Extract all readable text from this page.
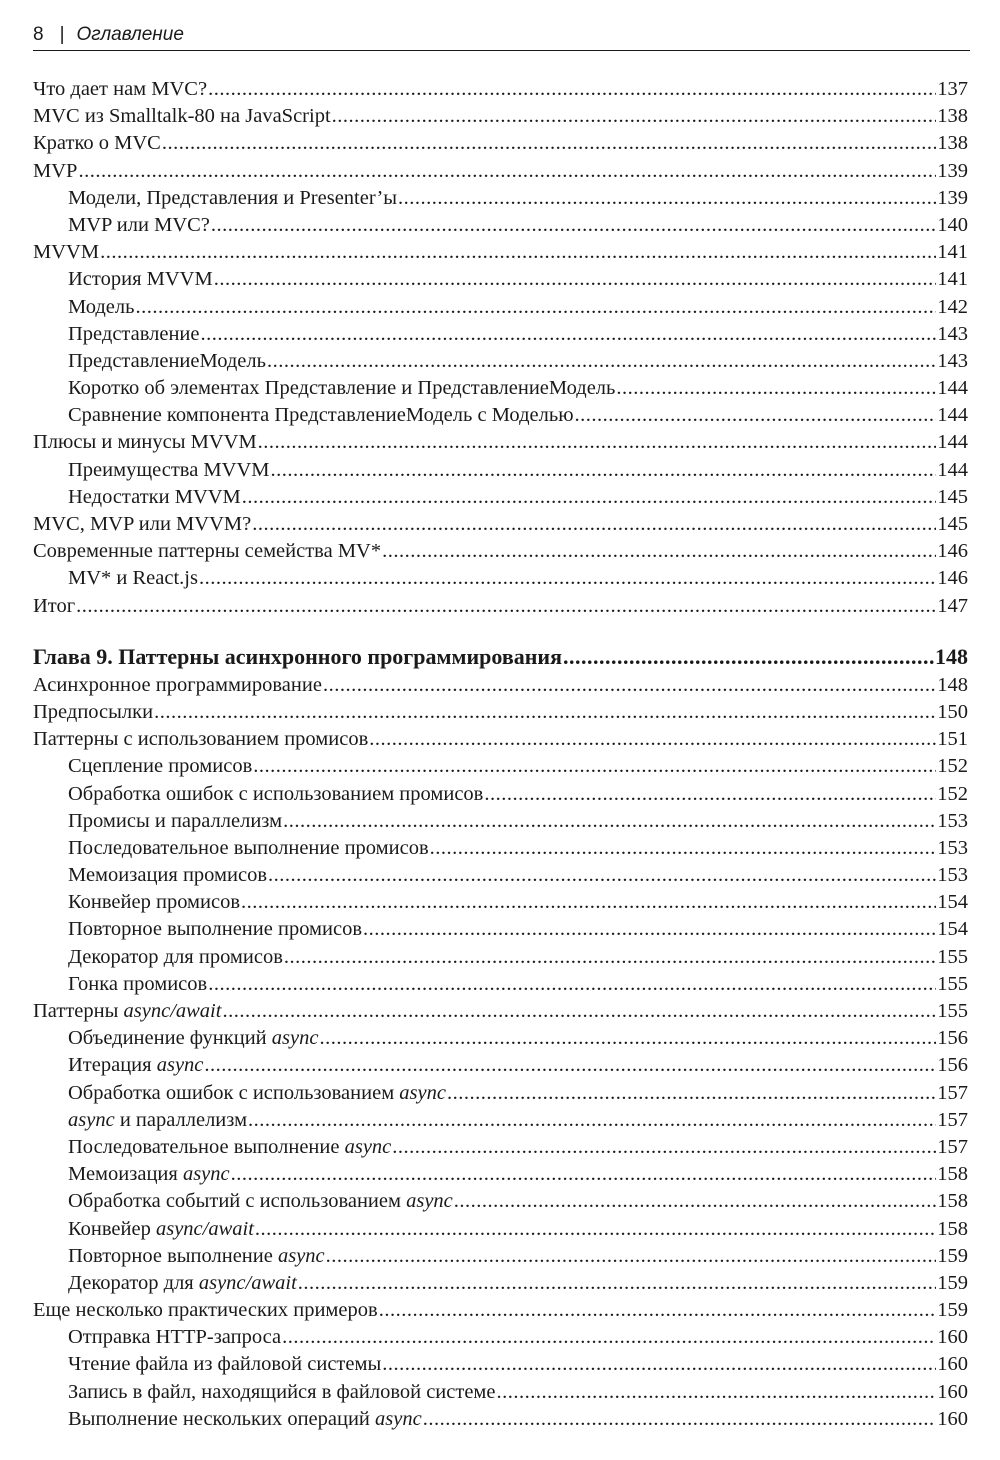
8 | Оглавление
Что дает нам MVC? .....	137
MVC из Smalltalk-80 на JavaScript .....	138
Кратко о MVC .....	138
MVP .....	139
Модели, Представления и Presenter’ы .....	139
MVP или MVC? .....	140
MVVM .....	141
История MVVM .....	141
Модель .....	142
Представление .....	143
ПредставлениеМодель .....	143
Коротко об элементах Представление и ПредставлениеМодель .....	144
Сравнение компонента ПредставлениеМодель с Моделью .....	144
Плюсы и минусы MVVM .....	144
Преимущества MVVM .....	144
Недостатки MVVM .....	145
MVC, MVP или MVVM? .....	145
Современные паттерны семейства MV* .....	146
MV* и React.js .....	146
Итог .....	147
Глава 9. Паттерны асинхронного программирования .....	148
Асинхронное программирование .....	148
Предпосылки .....	150
Паттерны с использованием промисов .....	151
Сцепление промисов .....	152
Обработка ошибок с использованием промисов .....	152
Промисы и параллелизм .....	153
Последовательное выполнение промисов .....	153
Мемоизация промисов .....	153
Конвейер промисов .....	154
Повторное выполнение промисов .....	154
Декоратор для промисов .....	155
Гонка промисов .....	155
Паттерны async/await .....	155
Объединение функций async .....	156
Итерация async .....	156
Обработка ошибок с использованием async .....	157
async и параллелизм .....	157
Последовательное выполнение async .....	157
Мемоизация async .....	158
Обработка событий с использованием async .....	158
Конвейер async/await .....	158
Повторное выполнение async .....	159
Декоратор для async/await .....	159
Еще несколько практических примеров .....	159
Отправка HTTP-запроса .....	160
Чтение файла из файловой системы .....	160
Запись в файл, находящийся в файловой системе .....	160
Выполнение нескольких операций async .....	160
